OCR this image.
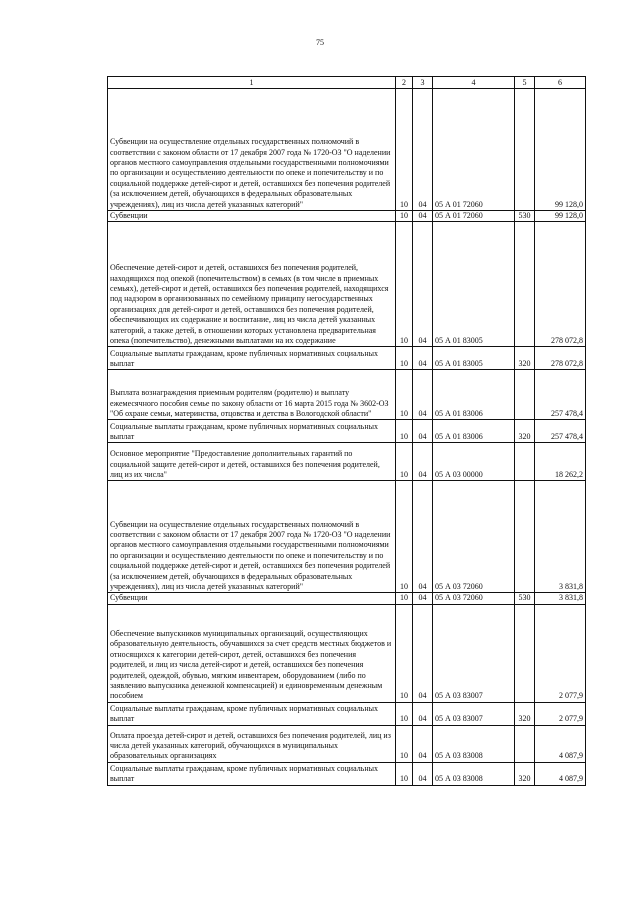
75
1	2	3	4	5	6
Субвенции на осуществление отдельных государственных полномочий в соответствии с законом области от 17 декабря 2007 года № 1720-ОЗ "О наделении органов местного самоуправления отдельными государственными полномочиями по организации и осуществлению деятельности по опеке и попечительству и по социальной поддержке детей-сирот и детей, оставшихся без попечения родителей (за исключением детей, обучающихся в федеральных образовательных учреждениях), лиц из числа детей указанных категорий"	10	04	05 А 01 72060		99 128,0
Субвенции	10	04	05 А 01 72060	530	99 128,0
Обеспечение детей-сирот и детей, оставшихся без попечения родителей, находящихся под опекой (попечительством) в семьях (в том числе в приемных семьях), детей-сирот и детей, оставшихся без попечения родителей, находящихся под надзором в организованных по семейному принципу негосударственных организациях для детей-сирот и детей, оставшихся без попечения родителей, обеспечивающих их содержание и воспитание, лиц из числа детей указанных категорий, а также детей, в отношении которых установлена предварительная опека (попечительство), денежными выплатами на их содержание	10	04	05 А 01 83005		278 072,8
Социальные выплаты гражданам, кроме публичных нормативных социальных выплат	10	04	05 А 01 83005	320	278 072,8
Выплата вознаграждения приемным родителям (родителю) и выплату ежемесячного пособия семье по закону области от 16 марта 2015 года № 3602-ОЗ "Об охране семьи, материнства, отцовства и детства в Вологодской области"	10	04	05 А 01 83006		257 478,4
Социальные выплаты гражданам, кроме публичных нормативных социальных выплат	10	04	05 А 01 83006	320	257 478,4
Основное мероприятие "Предоставление дополнительных гарантий по социальной защите детей-сирот и детей, оставшихся без попечения родителей, лиц из их числа"	10	04	05 А 03 00000		18 262,2
Субвенции на осуществление отдельных государственных полномочий в соответствии с законом области от 17 декабря 2007 года № 1720-ОЗ "О наделении органов местного самоуправления отдельными государственными полномочиями по организации и осуществлению деятельности по опеке и попечительству и по социальной поддержке детей-сирот и детей, оставшихся без попечения родителей (за исключением детей, обучающихся в федеральных образовательных учреждениях), лиц из числа детей указанных категорий"	10	04	05 А 03 72060		3 831,8
Субвенции	10	04	05 А 03 72060	530	3 831,8
Обеспечение выпускников муниципальных организаций, осуществляющих образовательную деятельность, обучавшихся за счет средств местных бюджетов и относящихся к категории детей-сирот, детей, оставшихся без попечения родителей, и лиц из числа детей-сирот и детей, оставшихся без попечения родителей, одеждой, обувью, мягким инвентарем, оборудованием (либо по заявлению выпускника денежной компенсацией) и единовременным денежным пособием	10	04	05 А 03 83007		2 077,9
Социальные выплаты гражданам, кроме публичных нормативных социальных выплат	10	04	05 А 03 83007	320	2 077,9
Оплата проезда детей-сирот и детей, оставшихся без попечения родителей, лиц из числа детей указанных категорий, обучающихся в муниципальных образовательных организациях	10	04	05 А 03 83008		4 087,9
Социальные выплаты гражданам, кроме публичных нормативных социальных выплат	10	04	05 А 03 83008	320	4 087,9
